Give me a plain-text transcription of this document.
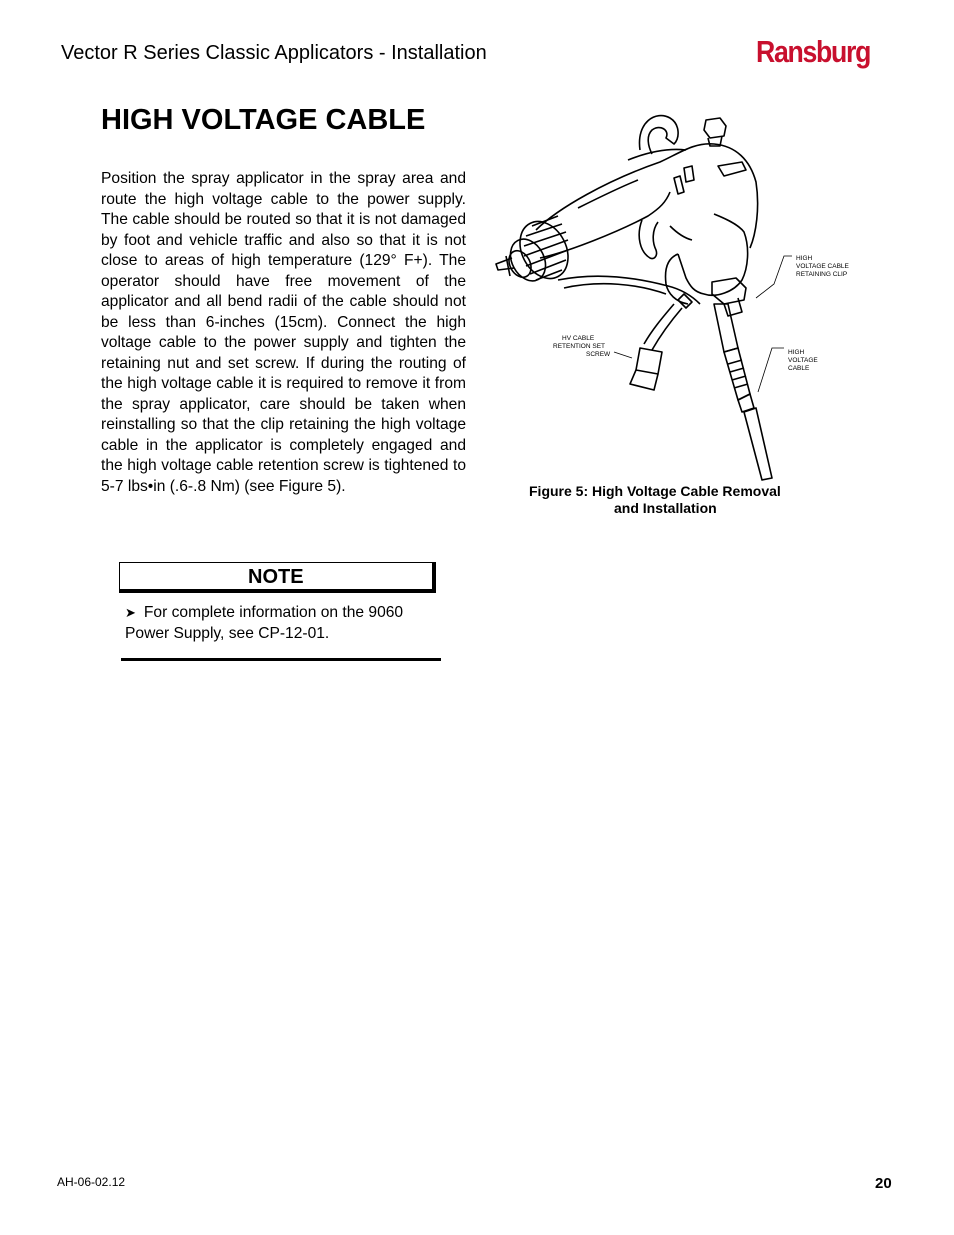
Vector R Series Classic Applicators - Installation	Ransburg
HIGH VOLTAGE CABLE
Position the spray applicator in the spray area and route the high voltage cable to the power supply. The cable should be routed so that it is not damaged by foot and vehicle traffic and also so that it is not close to areas of high temperature (129° F+). The operator should have free movement of the applicator and all bend radii of the cable should not be less than 6-inches (15cm). Connect the high voltage cable to the power supply and tighten the retaining nut and set screw. If during the routing of the high voltage cable it is required to remove it from the spray applicator, care should be taken when reinstalling so that the clip retaining the high voltage cable in the applicator is completely engaged and the high voltage cable retention screw is tightened to 5-7 lbs•in (.6-.8 Nm) (see Figure 5).
HIGH
VOLTAGE CABLE
RETAINING CLIP
HV CABLE
RETENTION SET
SCREW	HIGH
VOLTAGE
CABLE
Figure 5: High Voltage Cable Removal
and Installation
NOTE
➤ For complete information on the 9060 Power Supply, see CP-12-01.
AH-06-02.12	20
